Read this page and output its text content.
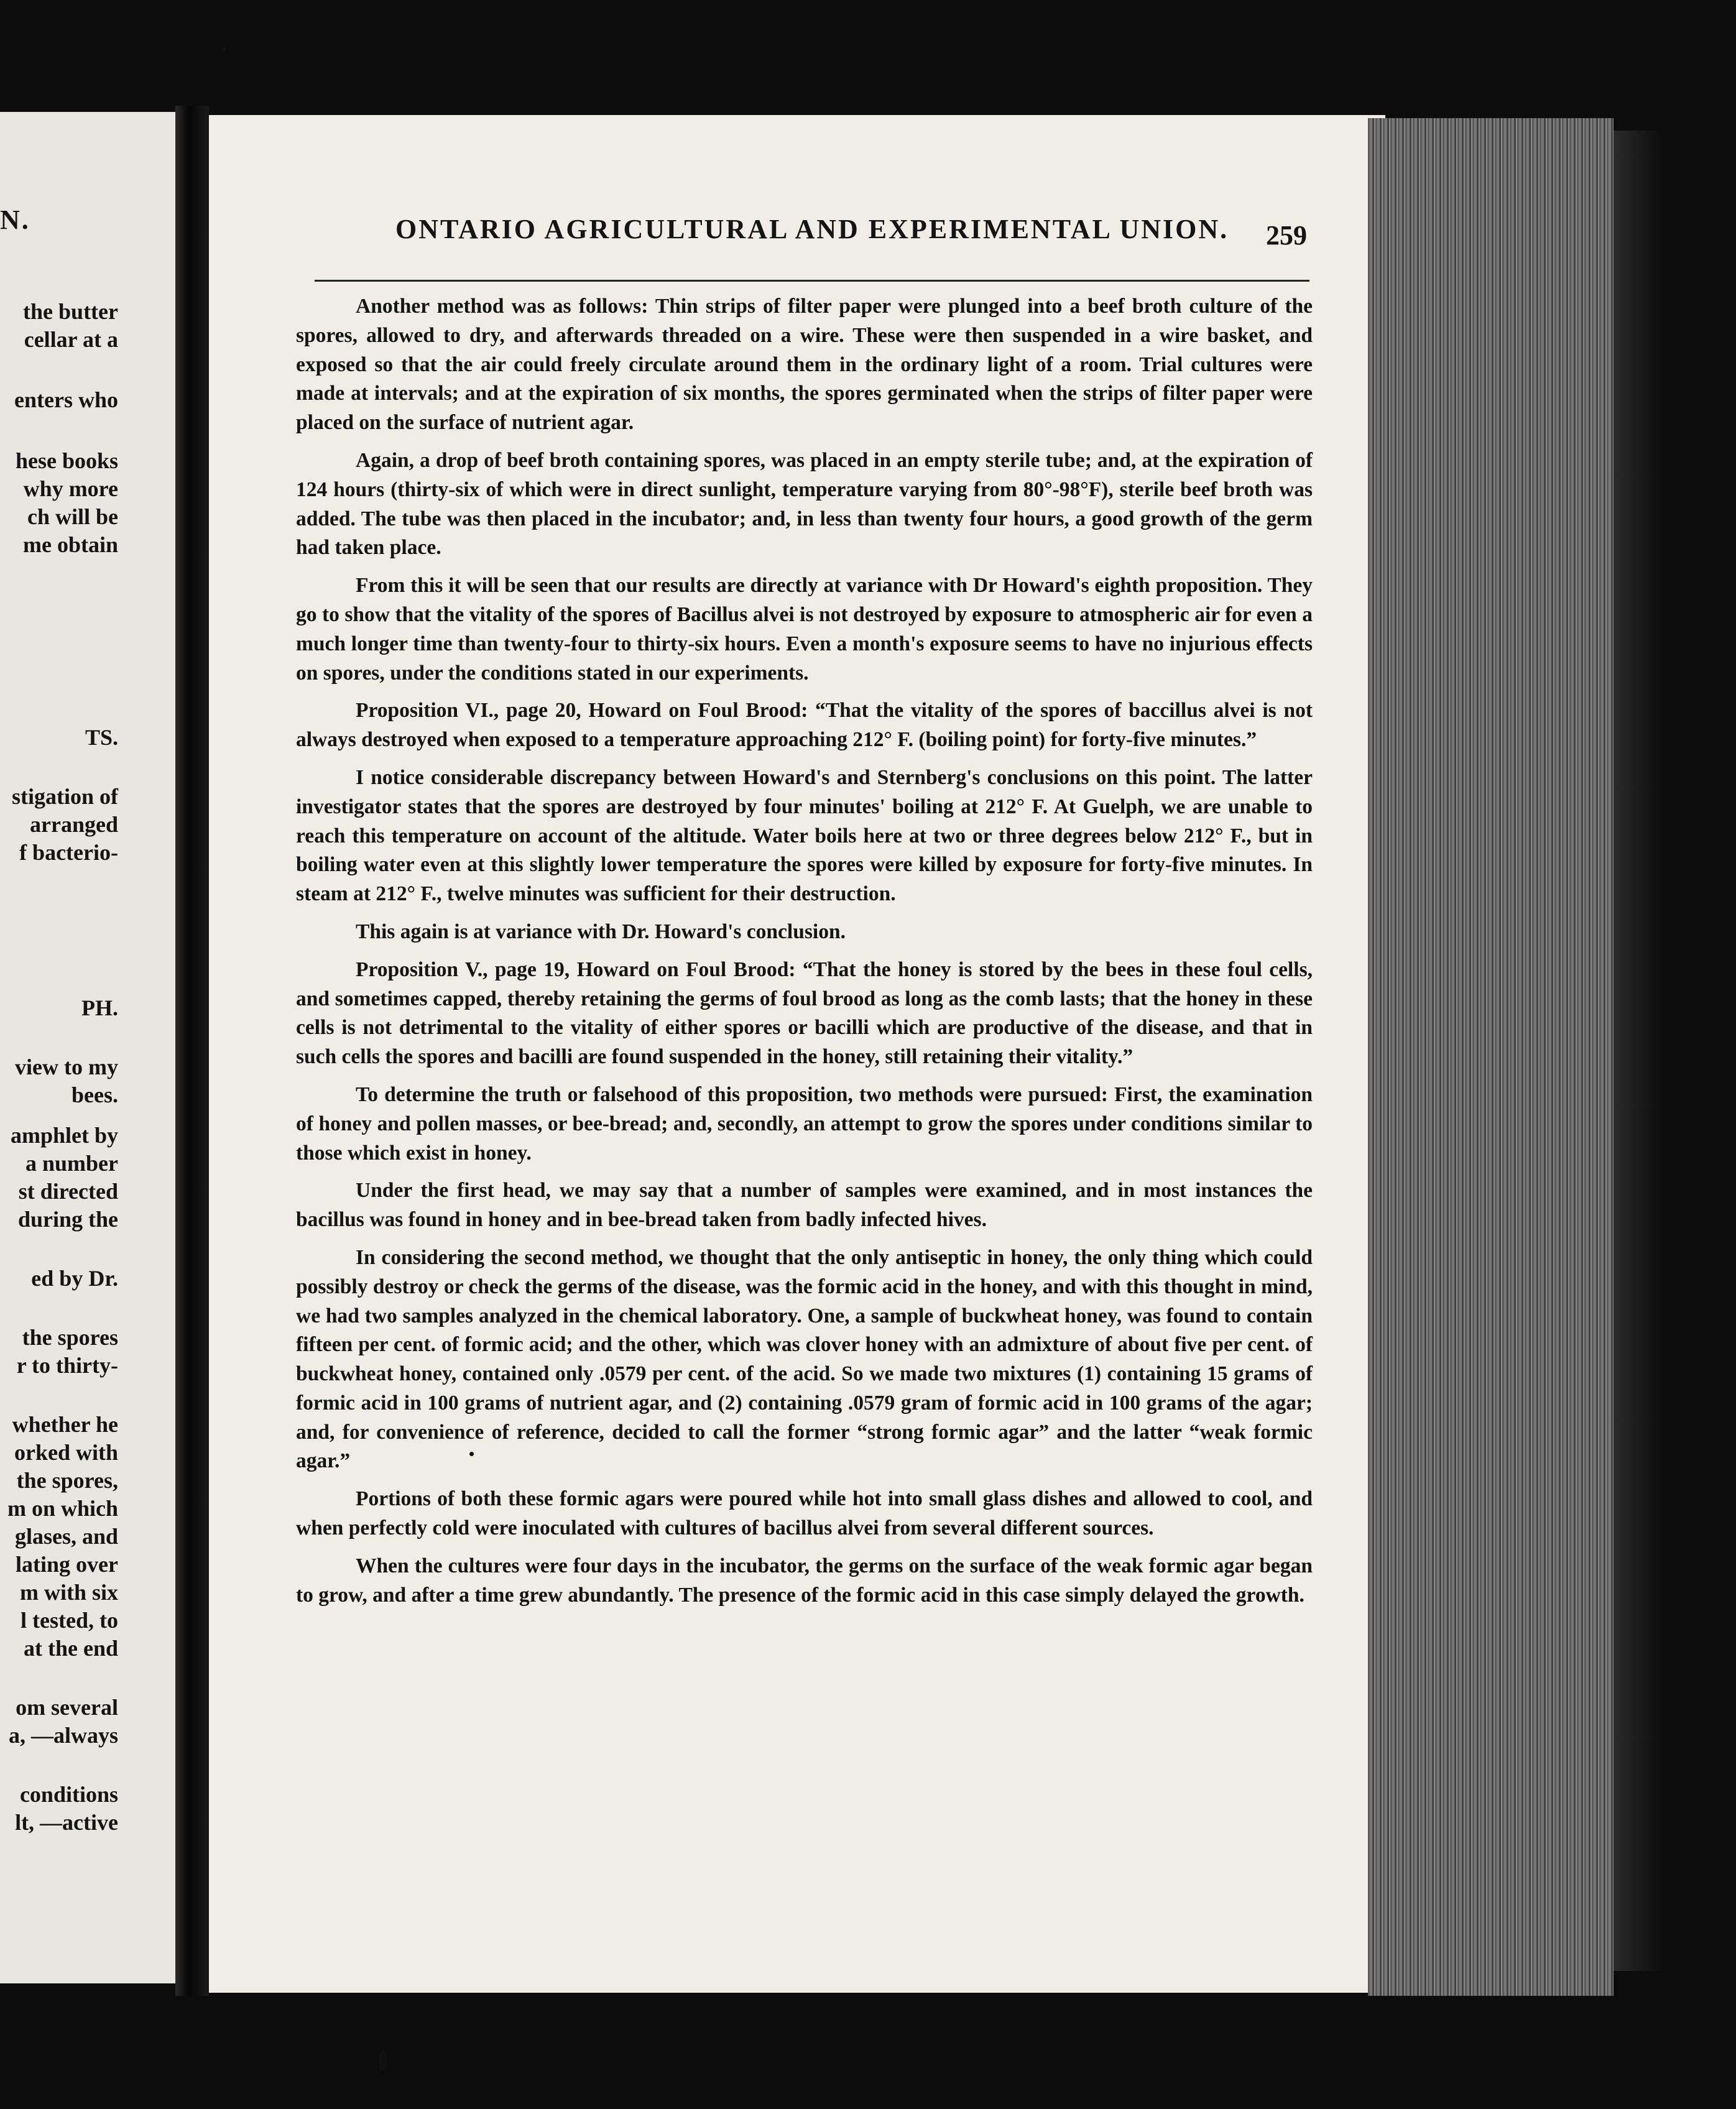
N.
the butter
cellar at a
enters who
hese books
why more
ch will be
me obtain
TS.
stigation of
arranged
f bacterio-
PH.
view to my
bees.
amphlet by
a number
st directed
during the
ed by Dr.
the spores
r to thirty-
whether he
orked with
the spores,
m on which
glases, and
lating over
m with six
l tested, to
at the end
om several
a, —always
conditions
lt, —active
ONTARIO AGRICULTURAL AND EXPERIMENTAL UNION.	259

Another method was as follows: Thin strips of filter paper were plunged into a beef broth culture of the spores, allowed to dry, and afterwards threaded on a wire. These were then suspended in a wire basket, and exposed so that the air could freely circulate around them in the ordinary light of a room. Trial cultures were made at intervals; and at the expiration of six months, the spores germinated when the strips of filter paper were placed on the surface of nutrient agar.

Again, a drop of beef broth containing spores, was placed in an empty sterile tube; and, at the expiration of 124 hours (thirty-six of which were in direct sunlight, temperature varying from 80°-98°F), sterile beef broth was added. The tube was then placed in the incubator; and, in less than twenty four hours, a good growth of the germ had taken place.

From this it will be seen that our results are directly at variance with Dr Howard's eighth proposition. They go to show that the vitality of the spores of Bacillus alvei is not destroyed by exposure to atmospheric air for even a much longer time than twenty-four to thirty-six hours. Even a month's exposure seems to have no injurious effects on spores, under the conditions stated in our experiments.

Proposition VI., page 20, Howard on Foul Brood: “That the vitality of the spores of baccillus alvei is not always destroyed when exposed to a temperature approaching 212° F. (boiling point) for forty-five minutes.”

I notice considerable discrepancy between Howard's and Sternberg's conclusions on this point. The latter investigator states that the spores are destroyed by four minutes' boiling at 212° F. At Guelph, we are unable to reach this temperature on account of the altitude. Water boils here at two or three degrees below 212° F., but in boiling water even at this slightly lower temperature the spores were killed by exposure for forty-five minutes. In steam at 212° F., twelve minutes was sufficient for their destruction.

This again is at variance with Dr. Howard's conclusion.

Proposition V., page 19, Howard on Foul Brood: “That the honey is stored by the bees in these foul cells, and sometimes capped, thereby retaining the germs of foul brood as long as the comb lasts; that the honey in these cells is not detrimental to the vitality of either spores or bacilli which are productive of the disease, and that in such cells the spores and bacilli are found suspended in the honey, still retaining their vitality.”

To determine the truth or falsehood of this proposition, two methods were pursued: First, the examination of honey and pollen masses, or bee-bread; and, secondly, an attempt to grow the spores under conditions similar to those which exist in honey.

Under the first head, we may say that a number of samples were examined, and in most instances the bacillus was found in honey and in bee-bread taken from badly infected hives.

In considering the second method, we thought that the only antiseptic in honey, the only thing which could possibly destroy or check the germs of the disease, was the formic acid in the honey, and with this thought in mind, we had two samples analyzed in the chemical laboratory. One, a sample of buckwheat honey, was found to contain fifteen per cent. of formic acid; and the other, which was clover honey with an admixture of about five per cent. of buckwheat honey, contained only .0579 per cent. of the acid. So we made two mixtures (1) containing 15 grams of formic acid in 100 grams of nutrient agar, and (2) containing .0579 gram of formic acid in 100 grams of the agar; and, for convenience of reference, decided to call the former “strong formic agar” and the latter “weak formic agar.”

Portions of both these formic agars were poured while hot into small glass dishes and allowed to cool, and when perfectly cold were inoculated with cultures of bacillus alvei from several different sources.

When the cultures were four days in the incubator, the germs on the surface of the weak formic agar began to grow, and after a time grew abundantly. The presence of the formic acid in this case simply delayed the growth.
